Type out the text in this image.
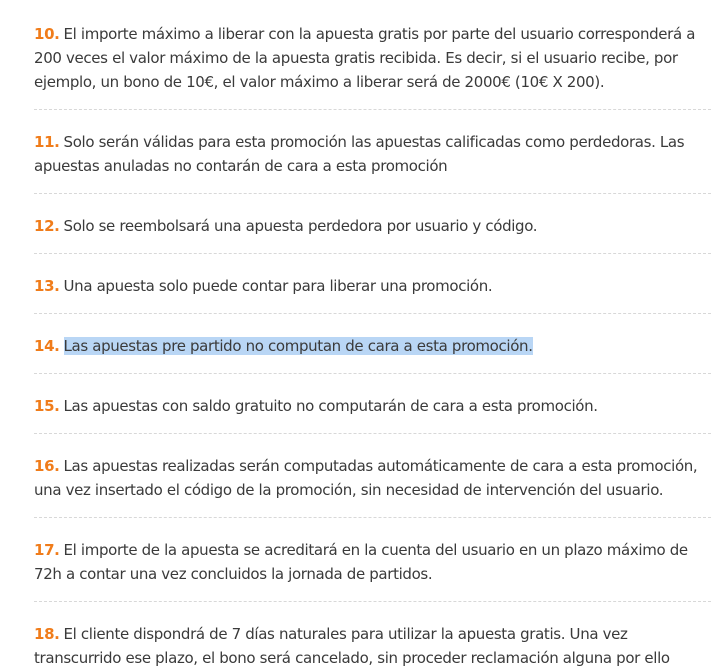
10. El importe máximo a liberar con la apuesta gratis por parte del usuario corresponderá a 200 veces el valor máximo de la apuesta gratis recibida. Es decir, si el usuario recibe, por ejemplo, un bono de 10€, el valor máximo a liberar será de 2000€ (10€ X 200).
11. Solo serán válidas para esta promoción las apuestas calificadas como perdedoras. Las apuestas anuladas no contarán de cara a esta promoción
12. Solo se reembolsará una apuesta perdedora por usuario y código.
13. Una apuesta solo puede contar para liberar una promoción.
14. Las apuestas pre partido no computan de cara a esta promoción.
15. Las apuestas con saldo gratuito no computarán de cara a esta promoción.
16. Las apuestas realizadas serán computadas automáticamente de cara a esta promoción, una vez insertado el código de la promoción, sin necesidad de intervención del usuario.
17. El importe de la apuesta se acreditará en la cuenta del usuario en un plazo máximo de 72h a contar una vez concluidos la jornada de partidos.
18. El cliente dispondrá de 7 días naturales para utilizar la apuesta gratis. Una vez transcurrido ese plazo, el bono será cancelado, sin proceder reclamación alguna por ello
